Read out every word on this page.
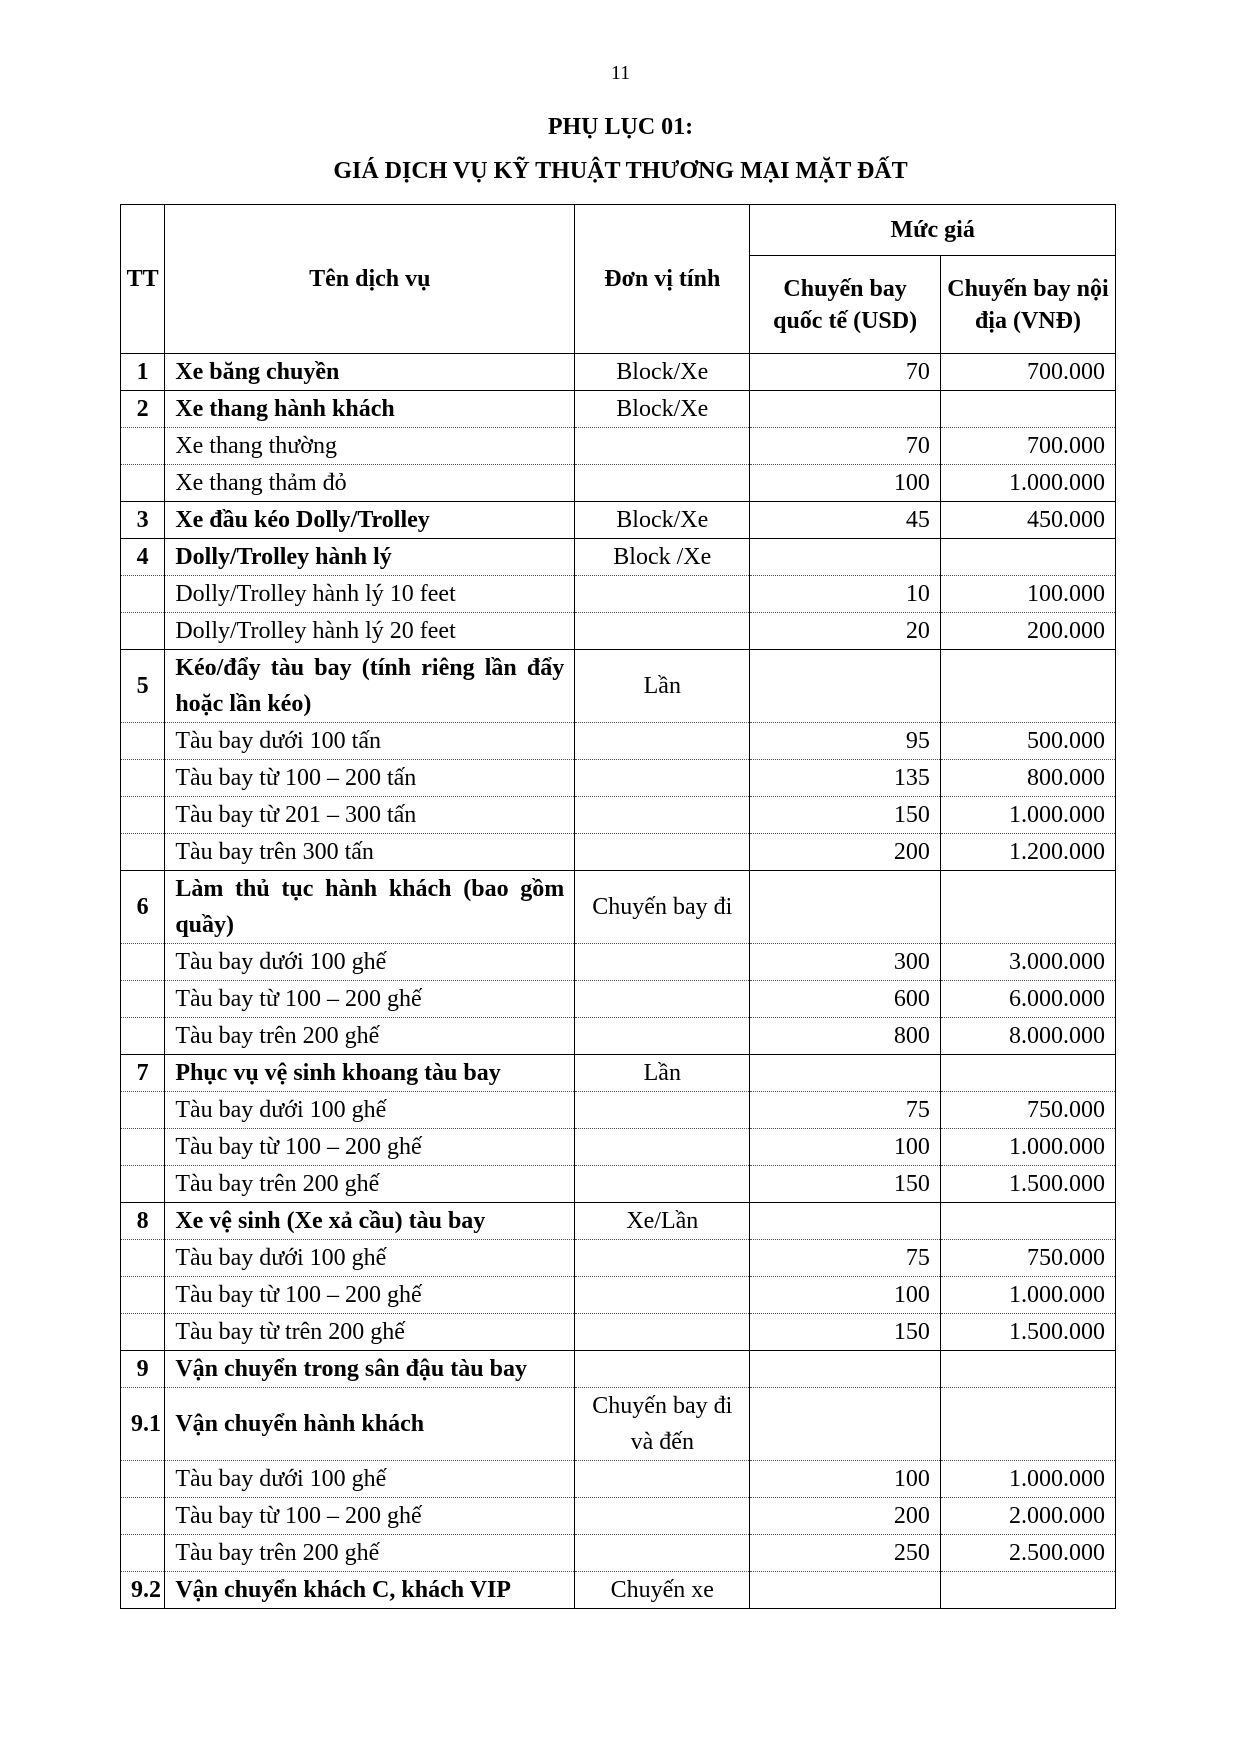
11
PHỤ LỤC 01:
GIÁ DỊCH VỤ KỸ THUẬT THƯƠNG MẠI MẶT ĐẤT
TT	Tên dịch vụ	Đơn vị tính	Mức giá	
			Chuyến bay quốc tế (USD)	Chuyến bay nội địa (VNĐ)
1	Xe băng chuyền	Block/Xe	70	700.000
2	Xe thang hành khách	Block/Xe		
	Xe thang thường		70	700.000
	Xe thang thảm đỏ		100	1.000.000
3	Xe đầu kéo Dolly/Trolley	Block/Xe	45	450.000
4	Dolly/Trolley hành lý	Block /Xe		
	Dolly/Trolley hành lý 10 feet		10	100.000
	Dolly/Trolley hành lý 20 feet		20	200.000
5	Kéo/đẩy tàu bay (tính riêng lần đẩy hoặc lần kéo)	Lần		
	Tàu bay dưới 100 tấn		95	500.000
	Tàu bay từ 100 – 200 tấn		135	800.000
	Tàu bay từ 201 – 300 tấn		150	1.000.000
	Tàu bay trên 300 tấn		200	1.200.000
6	Làm thủ tục hành khách (bao gồm quầy)	Chuyến bay đi		
	Tàu bay dưới 100 ghế		300	3.000.000
	Tàu bay từ 100 – 200 ghế		600	6.000.000
	Tàu bay trên 200 ghế		800	8.000.000
7	Phục vụ vệ sinh khoang tàu bay	Lần		
	Tàu bay dưới 100 ghế		75	750.000
	Tàu bay từ 100 – 200 ghế		100	1.000.000
	Tàu bay trên 200 ghế		150	1.500.000
8	Xe vệ sinh (Xe xả cầu) tàu bay	Xe/Lần		
	Tàu bay dưới 100 ghế		75	750.000
	Tàu bay từ 100 – 200 ghế		100	1.000.000
	Tàu bay từ trên 200 ghế		150	1.500.000
9	Vận chuyển trong sân đậu tàu bay			
9.1	Vận chuyển hành khách	Chuyến bay đi và đến		
	Tàu bay dưới 100 ghế		100	1.000.000
	Tàu bay từ 100 – 200 ghế		200	2.000.000
	Tàu bay trên 200 ghế		250	2.500.000
9.2	Vận chuyển khách C, khách VIP	Chuyến xe		
